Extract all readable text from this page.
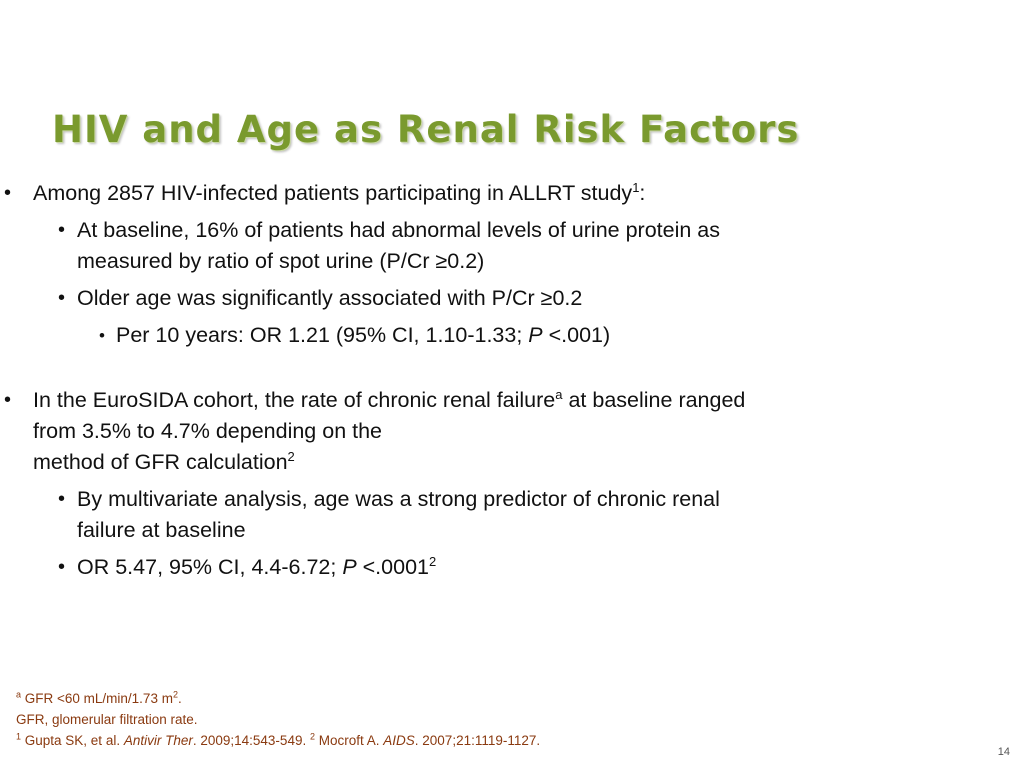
HIV and Age as Renal Risk Factors
• Among 2857 HIV-infected patients participating in ALLRT study$^1$:
• At baseline, 16% of patients had abnormal levels of urine protein as
measured by ratio of spot urine (P/Cr ≥0.2)
• Older age was significantly associated with P/Cr ≥0.2
• Per 10 years: OR 1.21 (95% CI, 1.10-1.33; P <.001)
• In the EuroSIDA cohort, the rate of chronic renal failure$^a$ at baseline ranged
from 3.5% to 4.7% depending on the
method of GFR calculation$^2$
• By multivariate analysis, age was a strong predictor of chronic renal
failure at baseline
• OR 5.47, 95% CI, 4.4-6.72; $P <.0001^2$
$^a$ GFR <60 mL/min/1.73 $m^2$.
GFR, glomerular filtration rate.
$^1$ Gupta SK, et al. Antivir Ther. 2009;14:543-549. $^2$ Mocroft A. AIDS. 2007;21:1119-1127.
14
